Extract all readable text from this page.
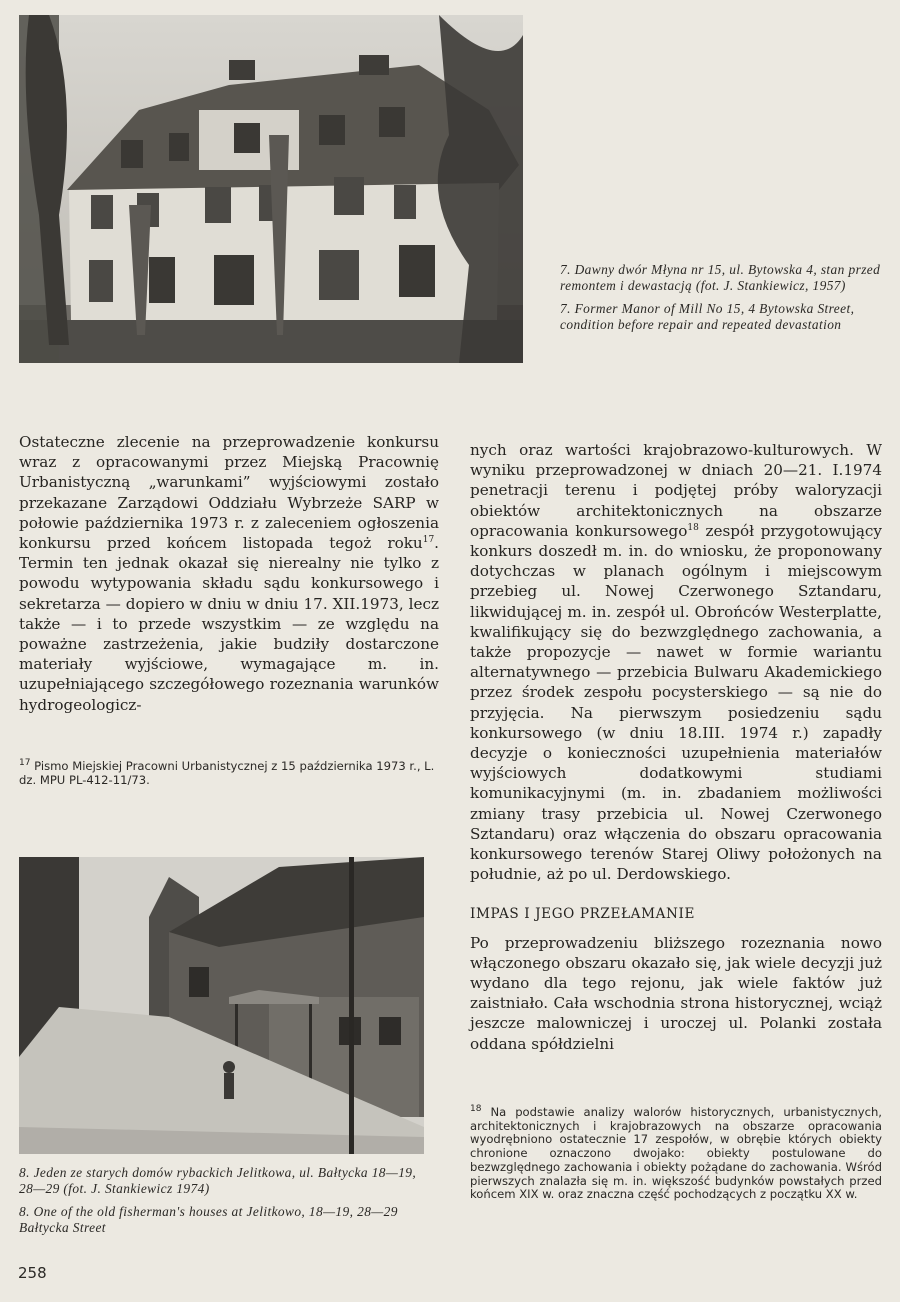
7. Dawny dwór Młyna nr 15, ul. Bytowska 4, stan przed remontem i dewastacją (fot. J. Stankiewicz, 1957)

7. Former Manor of Mill No 15, 4 Bytowska Street, condition before repair and repeated devastation

Ostateczne zlecenie na przeprowadzenie konkursu wraz z opracowanymi przez Miejską Pracownię Urbanistyczną „warunkami” wyjściowymi zostało przekazane Zarządowi Oddziału Wybrzeże SARP w połowie października 1973 r. z zaleceniem ogłoszenia konkursu przed końcem listopada tegoż roku$^{17}$. Termin ten jednak okazał się nierealny nie tylko z powodu wytypowania składu sądu konkursowego i sekretarza — dopiero w dniu w dniu 17. XII.1973, lecz także — i to przede wszystkim — ze względu na poważne zastrzeżenia, jakie budziły dostarczone materiały wyjściowe, wymagające m. in. uzupełniającego szczegółowego rozeznania warunków hydrogeologicz-

$^{17}$ Pismo Miejskiej Pracowni Urbanistycznej z 15 października 1973 r., L. dz. MPU PL-412-11/73.

8. Jeden ze starych domów rybackich Jelitkowa, ul. Bałtycka 18—19, 28—29 (fot. J. Stankiewicz 1974)

8. One of the old fisherman's houses at Jelitkowo, 18—19, 28—29 Bałtycka Street

nych oraz wartości krajobrazowo-kulturowych. W wyniku przeprowadzonej w dniach 20—21. I.1974 penetracji terenu i podjętej próby waloryzacji obiektów architektonicznych na obszarze opracowania konkursowego$^{18}$ zespół przygotowujący konkurs doszedł m. in. do wniosku, że proponowany dotychczas w planach ogólnym i miejscowym przebieg ul. Nowej Czerwonego Sztandaru, likwidującej m. in. zespół ul. Obrońców Westerplatte, kwalifikujący się do bezwzględnego zachowania, a także propozycje — nawet w formie wariantu alternatywnego — przebicia Bulwaru Akademickiego przez środek zespołu pocysterskiego — są nie do przyjęcia. Na pierwszym posiedzeniu sądu konkursowego (w dniu 18.III. 1974 r.) zapadły decyzje o konieczności uzupełnienia materiałów wyjściowych dodatkowymi studiami komunikacyjnymi (m. in. zbadaniem możliwości zmiany trasy przebicia ul. Nowej Czerwonego Sztandaru) oraz włączenia do obszaru opracowania konkursowego terenów Starej Oliwy położonych na południe, aż po ul. Derdowskiego.

IMPAS I JEGO PRZEŁAMANIE

Po przeprowadzeniu bliższego rozeznania nowo włączonego obszaru okazało się, jak wiele decyzji już wydano dla tego rejonu, jak wiele faktów już zaistniało. Cała wschodnia strona historycznej, wciąż jeszcze malowniczej i uroczej ul. Polanki została oddana spółdzielni

$^{18}$ Na podstawie analizy walorów historycznych, urbanistycznych, architektonicznych i krajobrazowych na obszarze opracowania wyodrębniono ostatecznie 17 zespołów, w obrębie których obiekty chronione oznaczono dwojako: obiekty postulowane do bezwzględnego zachowania i obiekty pożądane do zachowania. Wśród pierwszych znalazła się m. in. większość budynków powstałych przed końcem XIX w. oraz znaczna część pochodzących z początku XX w.

258
